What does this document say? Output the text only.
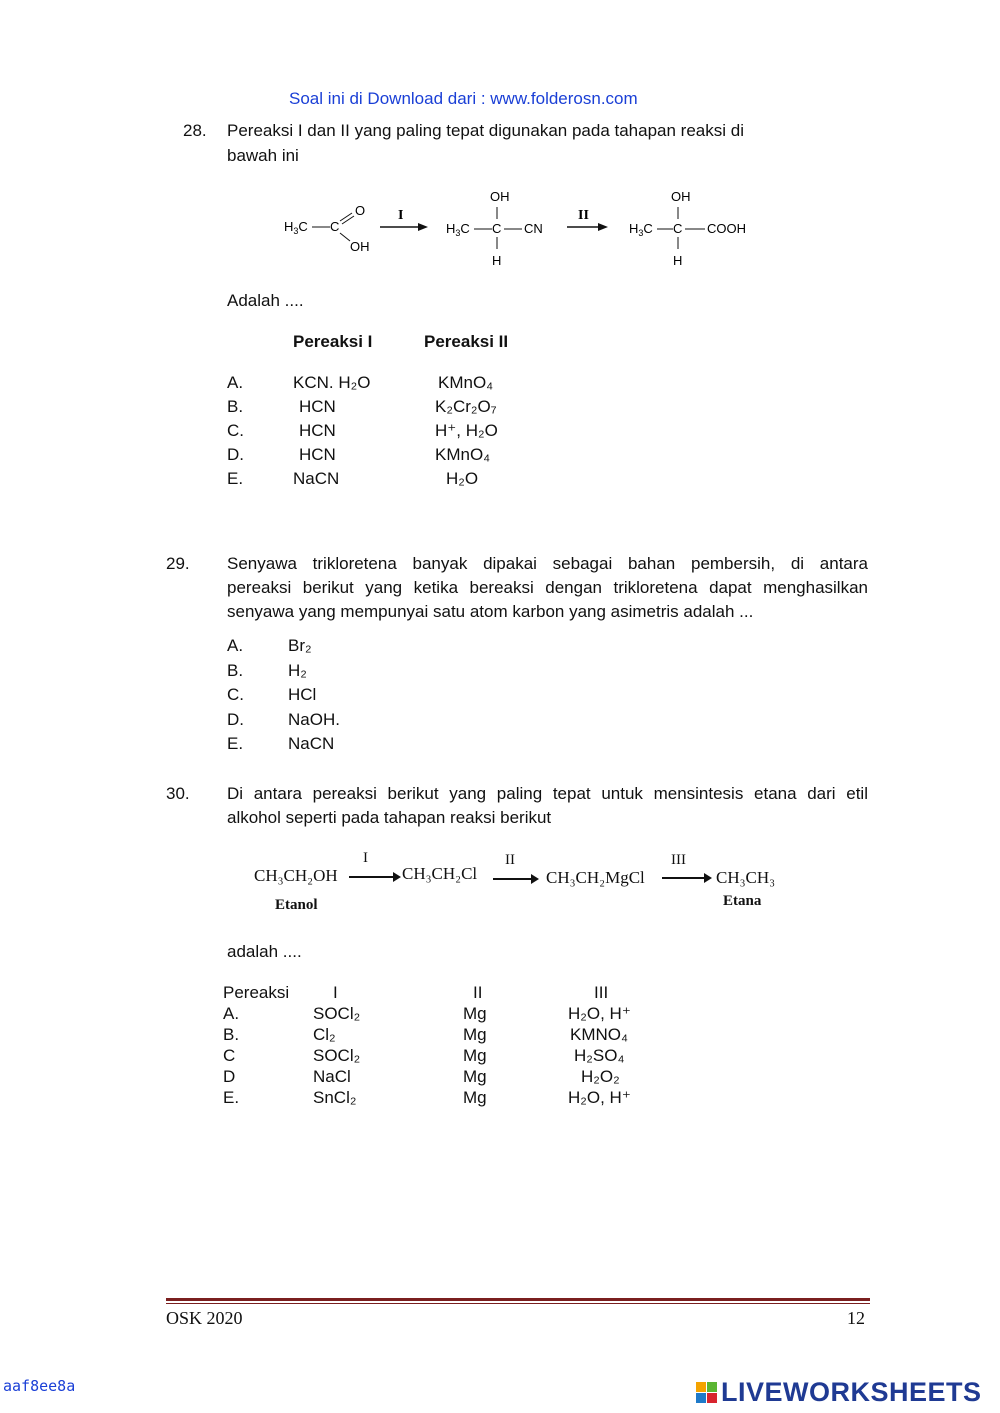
Soal ini di Download dari : www.folderosn.com
28. Pereaksi I dan II yang paling tepat digunakan pada tahapan reaksi di
bawah ini
$H_3C$ C
O
OH
I
$H_3C$ C
OH
H
CN
II
$H_3C$ C
OH
H
COOH
Adalah ....
Pereaksi I	Pereaksi II
A.	KCN. H₂O	KMnO₄
B.	HCN	K₂Cr₂O₇
C.	HCN	H⁺, H₂O
D.	HCN	KMnO₄
E.	NaCN	H₂O
29. Senyawa trikloretena banyak dipakai sebagai bahan pembersih, di antara
pereaksi berikut yang ketika bereaksi dengan trikloretena dapat menghasilkan
senyawa yang mempunyai satu atom karbon yang asimetris adalah ...
A.	Br₂
B.	H₂
C.	HCl
D.	NaOH.
E.	NaCN
30. Di antara pereaksi berikut yang paling tepat untuk mensintesis etana dari etil
alkohol seperti pada tahapan reaksi berikut
CH₃CH₂OH
I
CH₃CH₂Cl
II
CH₃CH₂MgCl
III
CH₃CH₃
Etanol	Etana
adalah ....
Pereaksi	I	II	III
A.	SOCl₂	Mg	H₂O, H⁺
B.	Cl₂	Mg	KMNO₄
C	SOCl₂	Mg	H₂SO₄
D	NaCl	Mg	H₂O₂
E.	SnCl₂	Mg	H₂O, H⁺
OSK 2020	12
aaf8ee8a	LIVEWORKSHEETS
